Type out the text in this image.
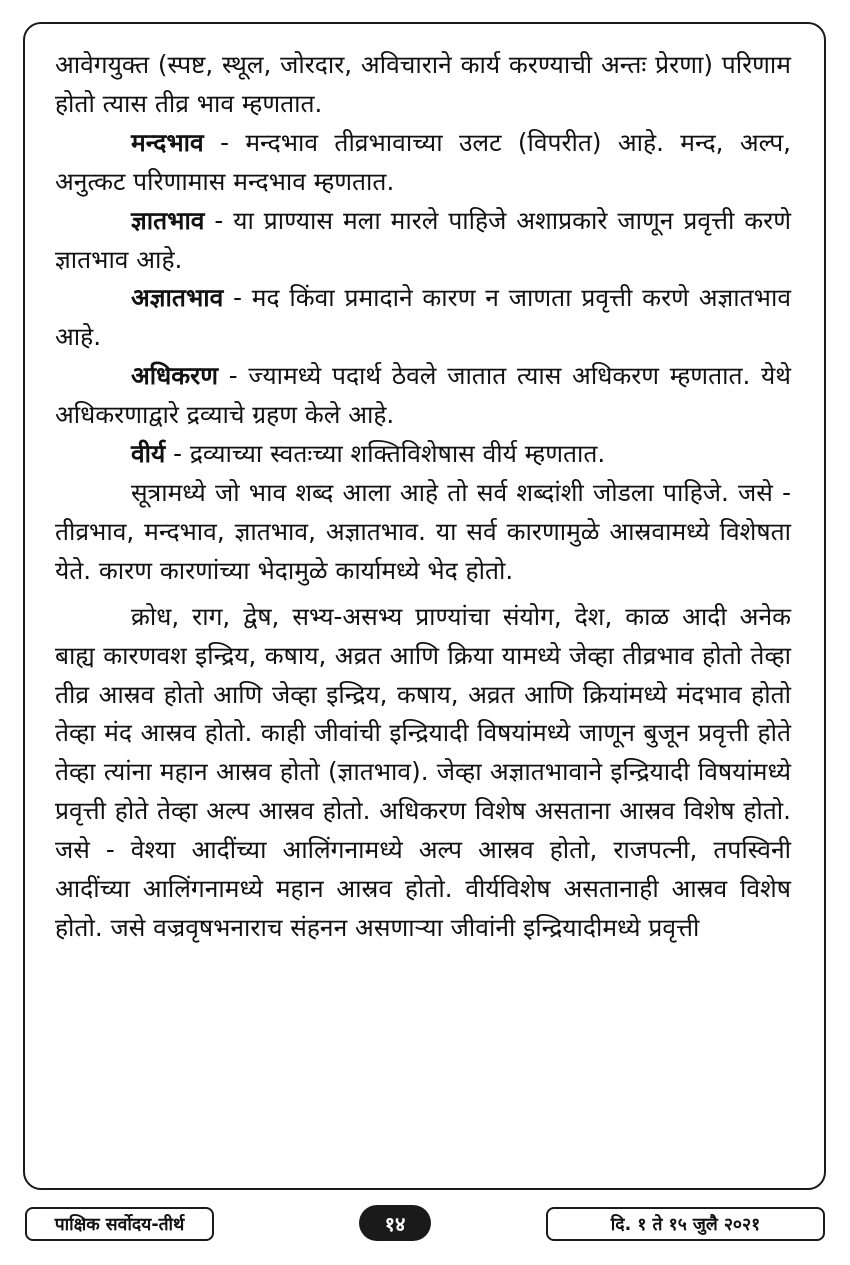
आवेगयुक्त (स्पष्ट, स्थूल, जोरदार, अविचाराने कार्य करण्याची अन्तः प्रेरणा) परिणाम होतो त्यास तीव्र भाव म्हणतात.

मन्दभाव - मन्दभाव तीव्रभावाच्या उलट (विपरीत) आहे. मन्द, अल्प, अनुत्कट परिणामास मन्दभाव म्हणतात.

ज्ञातभाव - या प्राण्यास मला मारले पाहिजे अशाप्रकारे जाणून प्रवृत्ती करणे ज्ञातभाव आहे.

अज्ञातभाव - मद किंवा प्रमादाने कारण न जाणता प्रवृत्ती करणे अज्ञातभाव आहे.

अधिकरण - ज्यामध्ये पदार्थ ठेवले जातात त्यास अधिकरण म्हणतात. येथे अधिकरणाद्वारे द्रव्याचे ग्रहण केले आहे.

वीर्य - द्रव्याच्या स्वतःच्या शक्तिविशेषास वीर्य म्हणतात.

सूत्रामध्ये जो भाव शब्द आला आहे तो सर्व शब्दांशी जोडला पाहिजे. जसे - तीव्रभाव, मन्दभाव, ज्ञातभाव, अज्ञातभाव. या सर्व कारणामुळे आस्रवामध्ये विशेषता येते. कारण कारणांच्या भेदामुळे कार्यामध्ये भेद होतो.

क्रोध, राग, द्वेष, सभ्य-असभ्य प्राण्यांचा संयोग, देश, काळ आदी अनेक बाह्य कारणवश इन्द्रिय, कषाय, अव्रत आणि क्रिया यामध्ये जेव्हा तीव्रभाव होतो तेव्हा तीव्र आस्रव होतो आणि जेव्हा इन्द्रिय, कषाय, अव्रत आणि क्रियांमध्ये मंदभाव होतो तेव्हा मंद आस्रव होतो. काही जीवांची इन्द्रियादी विषयांमध्ये जाणून बुजून प्रवृत्ती होते तेव्हा त्यांना महान आस्रव होतो (ज्ञातभाव). जेव्हा अज्ञातभावाने इन्द्रियादी विषयांमध्ये प्रवृत्ती होते तेव्हा अल्प आस्रव होतो. अधिकरण विशेष असताना आस्रव विशेष होतो. जसे - वेश्या आदींच्या आलिंगनामध्ये अल्प आस्रव होतो, राजपत्नी, तपस्विनी आदींच्या आलिंगनामध्ये महान आस्रव होतो. वीर्यविशेष असतानाही आस्रव विशेष होतो. जसे वज्रवृषभनाराच संहनन असणाऱ्या जीवांनी इन्द्रियादीमध्ये प्रवृत्ती

पाक्षिक सर्वोदय-तीर्थ	१४	दि. १ ते १५ जुलै २०२१
